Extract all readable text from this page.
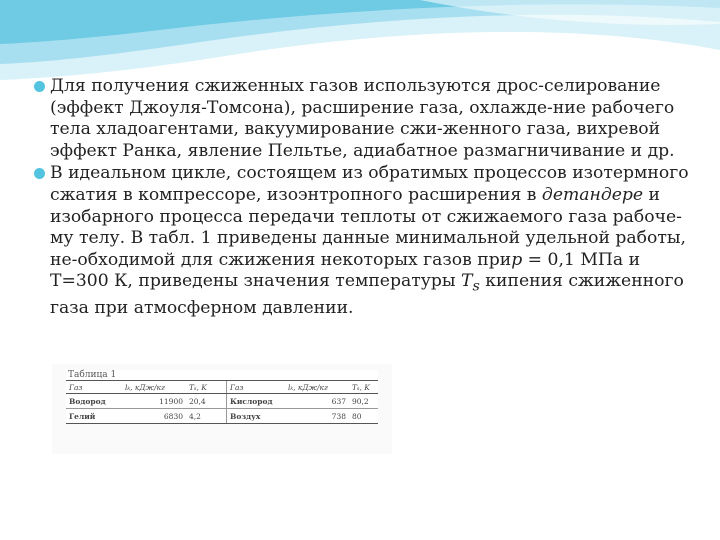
Для получения сжиженных газов используются дрос-селирование (эффект Джоуля-Томсона), расширение газа, охлажде-ние рабочего тела хладоагентами, вакуумирование сжи-женного газа, вихревой эффект Ранка, явление Пельтье, адиабатное размагничивание и др.
В идеальном цикле, состоящем из обратимых процессов изотермного сжатия в компрессоре, изоэнтропного расширения в детандере и изобарного процесса передачи теплоты от сжижаемого газа рабоче-му телу. В табл. 1 приведены данные минимальной удельной работы, не-обходимой для сжижения некоторых газов прир = 0,1 МПа и Т=300 К, приведены значения температуры $T_s$ кипения сжиженного газа при атмосферном давлении.
Таблица 1
Газ	lₖ, кДж/кг	Tₛ, K	Газ	lₖ, кДж/кг	Tₛ, K
Водород	11900	20,4	Кислород	637	90,2
Гелий	6830	4,2	Воздух	738	80
